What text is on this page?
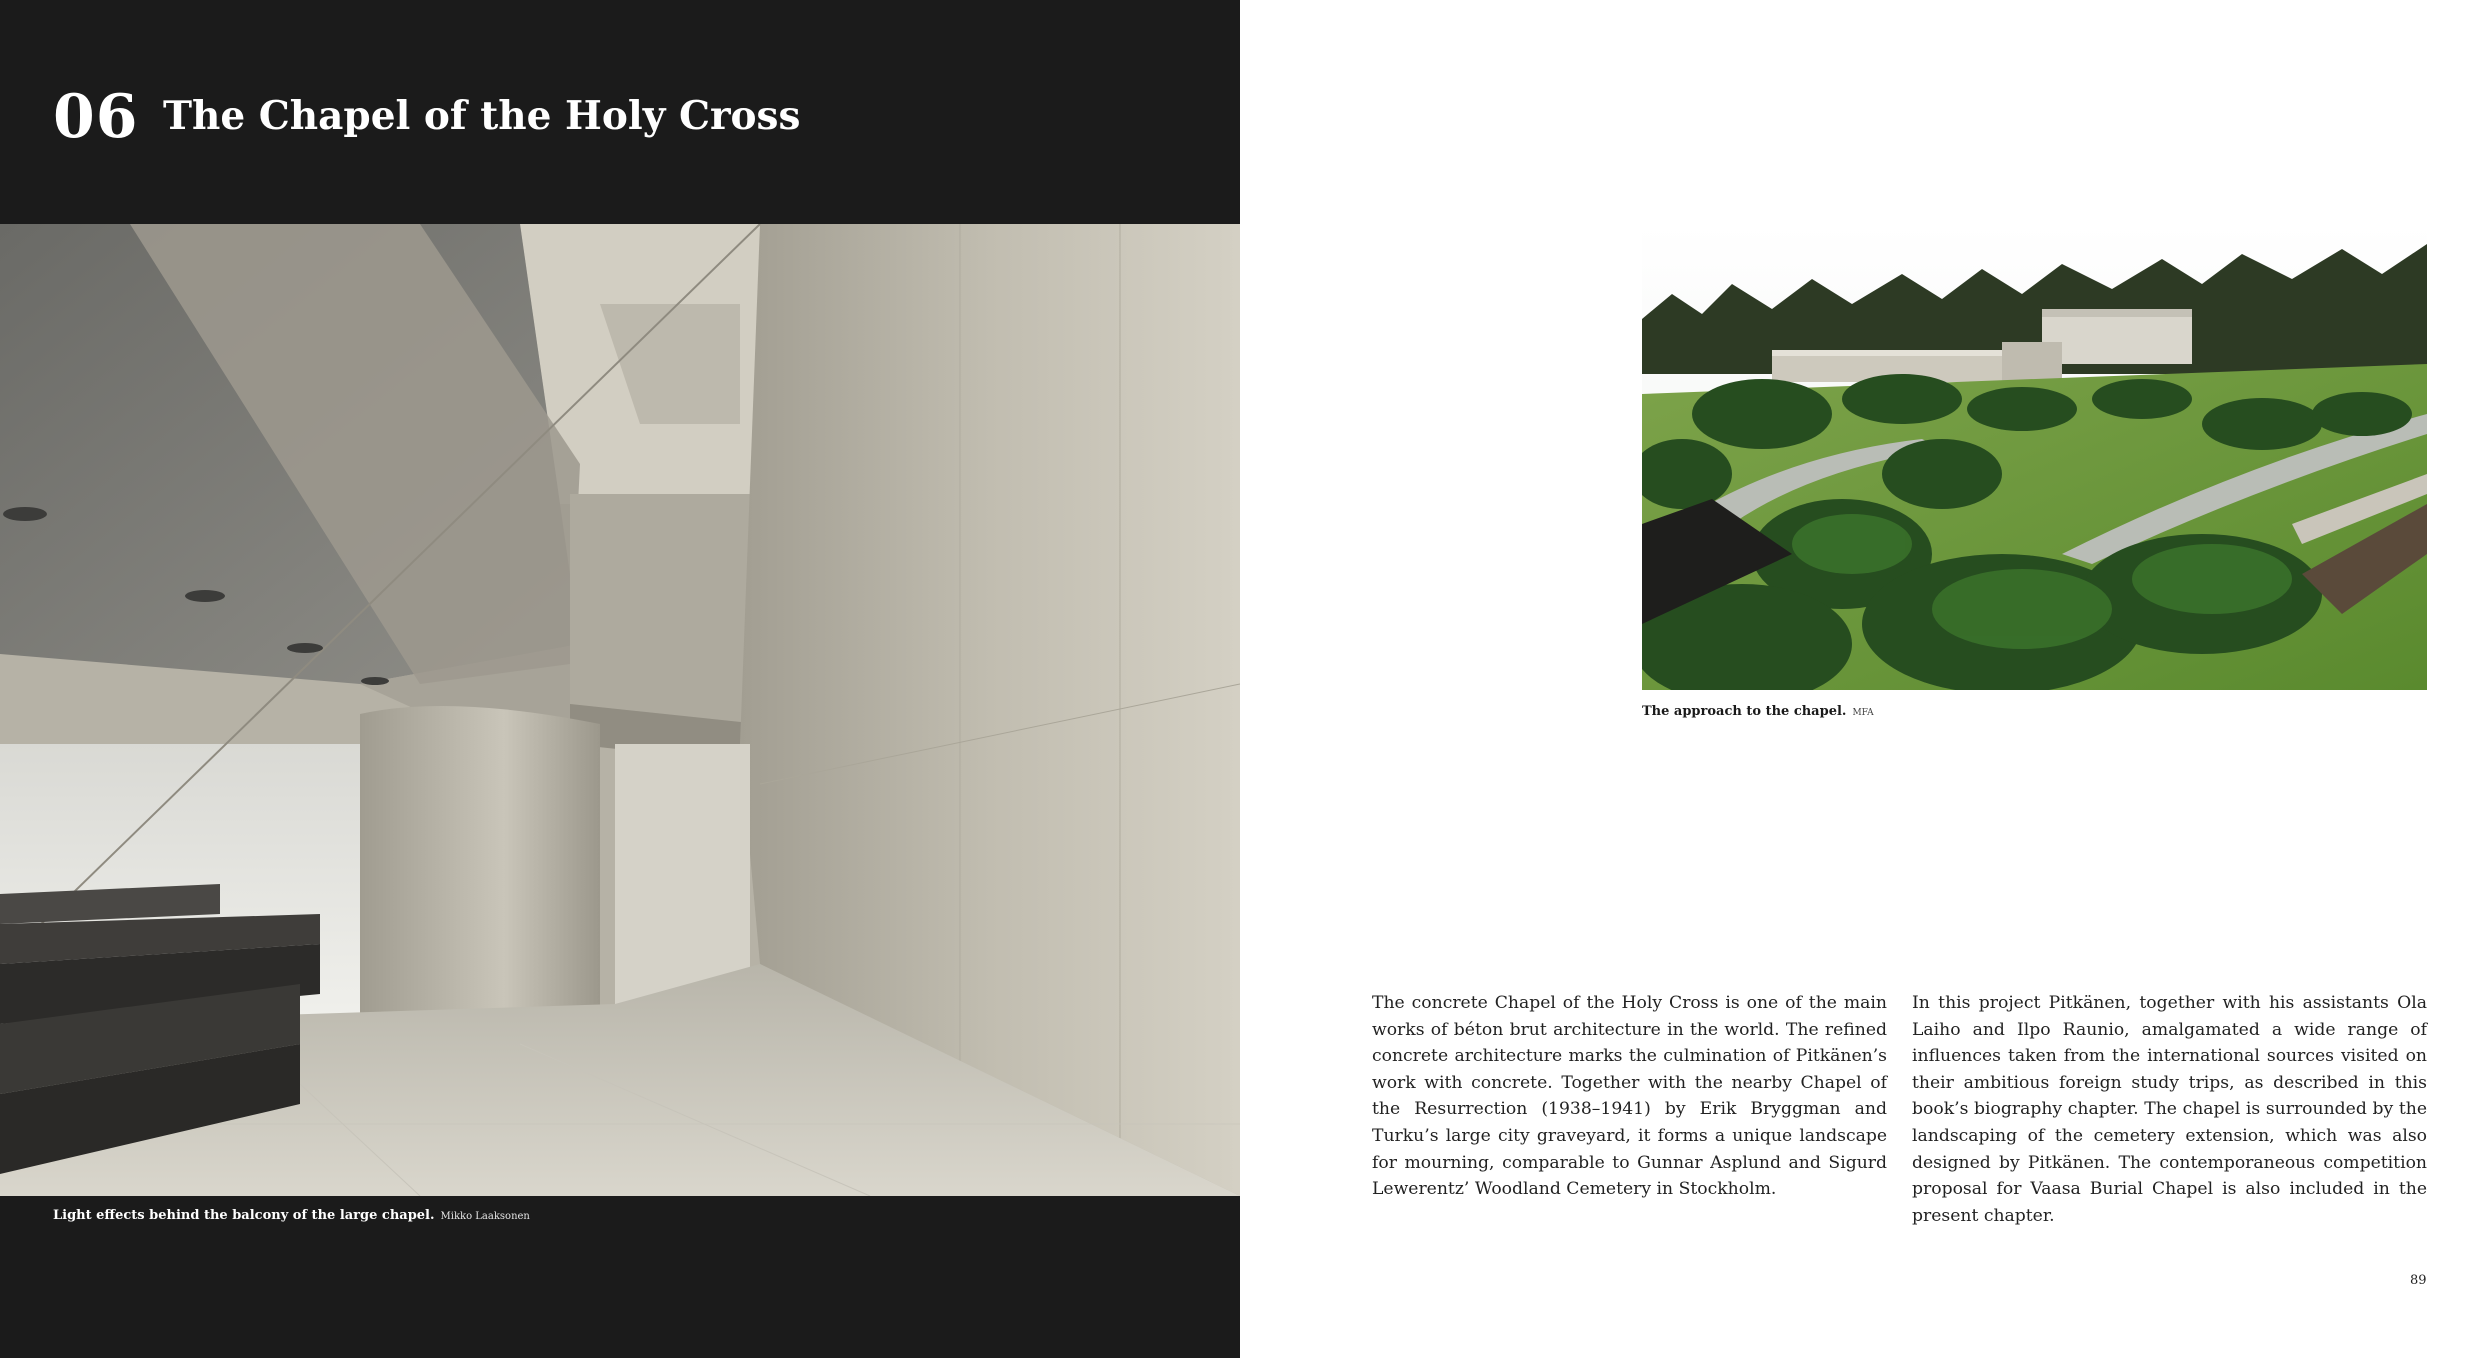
06 The Chapel of the Holy Cross
Light effects behind the balcony of the large chapel. Mikko Laaksonen
The approach to the chapel. MFA
The concrete Chapel of the Holy Cross is one of the main works of béton brut architecture in the world. The refined concrete architecture marks the culmination of Pitkänen’s work with concrete. Together with the nearby Chapel of the Resurrection (1938–1941) by Erik Bryggman and Turku’s large city graveyard, it forms a unique landscape for mourning, comparable to Gunnar Asplund and Sigurd Lewerentz’ Woodland Cemetery in Stockholm.
In this project Pitkänen, together with his assistants Ola Laiho and Ilpo Raunio, amalgamated a wide range of influences taken from the international sources visited on their ambitious foreign study trips, as described in this book’s biography chapter. The chapel is surrounded by the landscaping of the cemetery extension, which was also designed by Pitkänen. The contemporaneous competition proposal for Vaasa Burial Chapel is also included in the present chapter.
89
